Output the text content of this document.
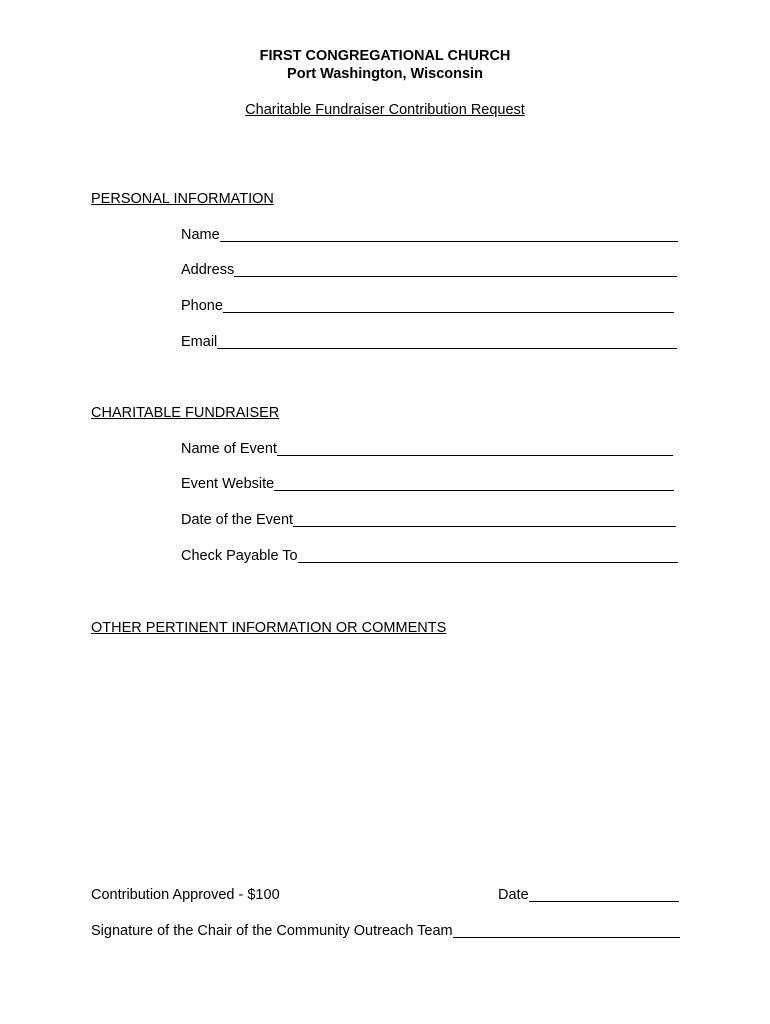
FIRST CONGREGATIONAL CHURCH
Port Washington, Wisconsin
Charitable Fundraiser Contribution Request
PERSONAL INFORMATION
Name
Address
Phone
Email
CHARITABLE FUNDRAISER
Name of Event
Event Website
Date of the Event
Check Payable To
OTHER PERTINENT INFORMATION OR COMMENTS
Contribution Approved - $100	Date
Signature of the Chair of the Community Outreach Team
